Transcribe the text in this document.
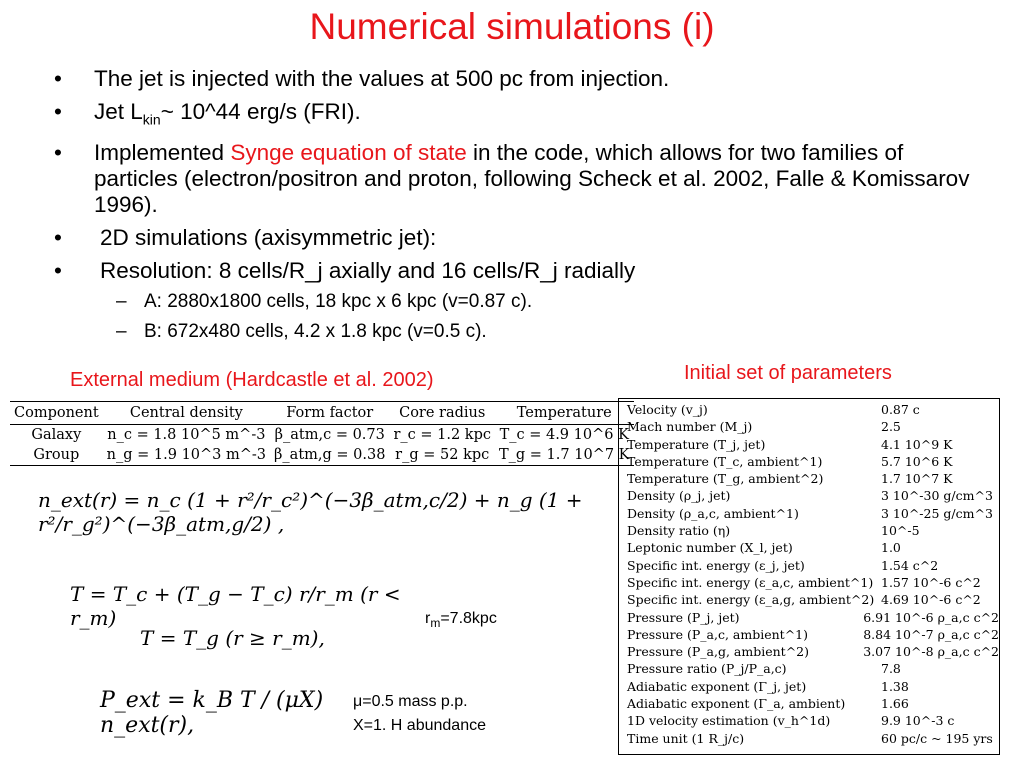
Numerical simulations (i)
• The jet is injected with the values at 500 pc from injection.
• Jet $L_{kin}\sim$ 10^44 erg/s (FRI).
• Implemented Synge equation of state in the code, which allows for two families of particles (electron/positron and proton, following Scheck et al. 2002, Falle & Komissarov 1996).
• 2D simulations (axisymmetric jet):
• Resolution: 8 cells/R_j axially and 16 cells/R_j radially
– A: 2880x1800 cells, 18 kpc x 6 kpc (v=0.87 c).
– B: 672x480 cells, 4.2 x 1.8 kpc (v=0.5 c).
External medium (Hardcastle et al. 2002)	Initial set of parameters
Component	Central density	Form factor	Core radius	Temperature
Galaxy	n_c = 1.8 10^5 m^-3	β_atm,c = 0.73	r_c = 1.2 kpc	T_c = 4.9 10^6 K
Group	n_g = 1.9 10^3 m^-3	β_atm,g = 0.38	r_g = 52 kpc	T_g = 1.7 10^7 K
n_ext(r) = n_c (1 + r²/r_c²)^(−3β_atm,c/2) + n_g (1 + r²/r_g²)^(−3β_atm,g/2) ,
T = T_c + (T_g − T_c) r/r_m (r < r_m)
T = T_g (r ≥ r_m),
P_ext = k_B T / (μX) n_ext(r),
$r_m=7.8kpc$
μ=0.5 mass p.p.
X=1. H abundance
Velocity (v_j)	0.87 c
Mach number (M_j)	2.5
Temperature (T_j, jet)	4.1 10^9 K
Temperature (T_c, ambient^1)	5.7 10^6 K
Temperature (T_g, ambient^2)	1.7 10^7 K
Density (ρ_j, jet)	3 10^-30 g/cm^3
Density (ρ_a,c, ambient^1)	3 10^-25 g/cm^3
Density ratio (η)	10^-5
Leptonic number (X_l, jet)	1.0
Specific int. energy (ε_j, jet)	1.54 c^2
Specific int. energy (ε_a,c, ambient^1) 1.57 10^-6 c^2
Specific int. energy (ε_a,g, ambient^2) 4.69 10^-6 c^2
Pressure (P_j, jet)	6.91 10^-6 ρ_a,c c^2
Pressure (P_a,c, ambient^1)	8.84 10^-7 ρ_a,c c^2
Pressure (P_a,g, ambient^2)	3.07 10^-8 ρ_a,c c^2
Pressure ratio (P_j/P_a,c)	7.8
Adiabatic exponent (Γ_j, jet)	1.38
Adiabatic exponent (Γ_a, ambient)	1.66
1D velocity estimation (v_h^1d)	9.9 10^-3 c
Time unit (1 R_j/c)	60 pc/c ~ 195 yrs
